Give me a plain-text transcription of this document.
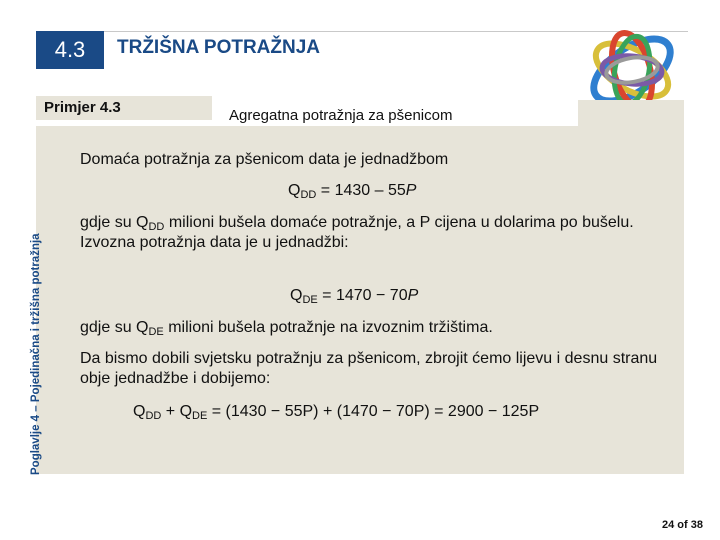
4.3	TRŽIŠNA POTRAŽNJA
Primjer 4.3	Agregatna potražnja za pšenicom
Poglavlje 4 – Pojedinačna i tržišna potražnja
Domaća potražnja za pšenicom data je jednadžbom
$Q_{DD} = 1430 - 55P$
gdje su $Q_{DD}$ milioni bušela domaće potražnje, a P cijena u dolarima po bušelu.
Izvozna potražnja data je u jednadžbi:
$Q_{DE} = 1470 - 70P$
gdje su $Q_{DE}$ milioni bušela potražnje na izvoznim tržištima.
Da bismo dobili svjetsku potražnju za pšenicom, zbrojit ćemo lijevu i desnu stranu obje jednadžbe i dobijemo:
$Q_{DD} + Q_{DE} = (1430 - 55P) + (1470 - 70P) = 2900 - 125P$
24 of 38
